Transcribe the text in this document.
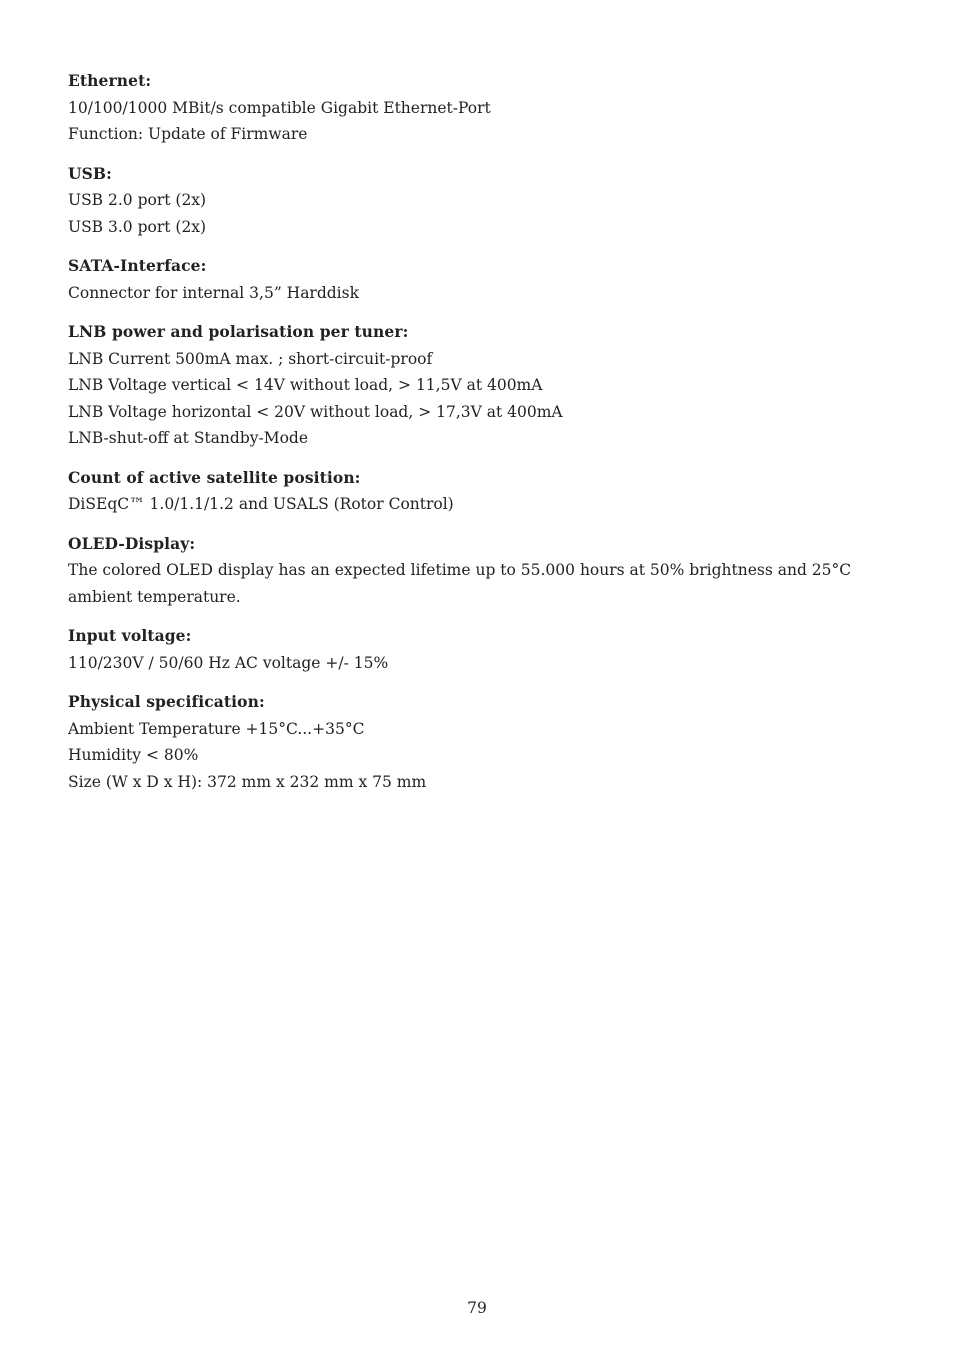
Ethernet:

10/100/1000 MBit/s compatible Gigabit Ethernet-Port

Function: Update of Firmware

USB:

USB 2.0 port (2x)

USB 3.0 port (2x)

SATA-Interface:

Connector for internal 3,5” Harddisk

LNB power and polarisation per tuner:

LNB Current 500mA max. ; short-circuit-proof

LNB Voltage vertical < 14V without load, > 11,5V at 400mA

LNB Voltage horizontal < 20V without load, > 17,3V at 400mA

LNB-shut-off at Standby-Mode

Count of active satellite position:

DiSEqC™ 1.0/1.1/1.2 and USALS (Rotor Control)

OLED-Display:

The colored OLED display has an expected lifetime up to 55.000 hours at 50% brightness and 25°C ambient temperature.

Input voltage:

110/230V / 50/60 Hz AC voltage +/- 15%

Physical specification:

Ambient Temperature +15°C...+35°C

Humidity < 80%

Size (W x D x H): 372 mm x 232 mm x 75 mm

79
